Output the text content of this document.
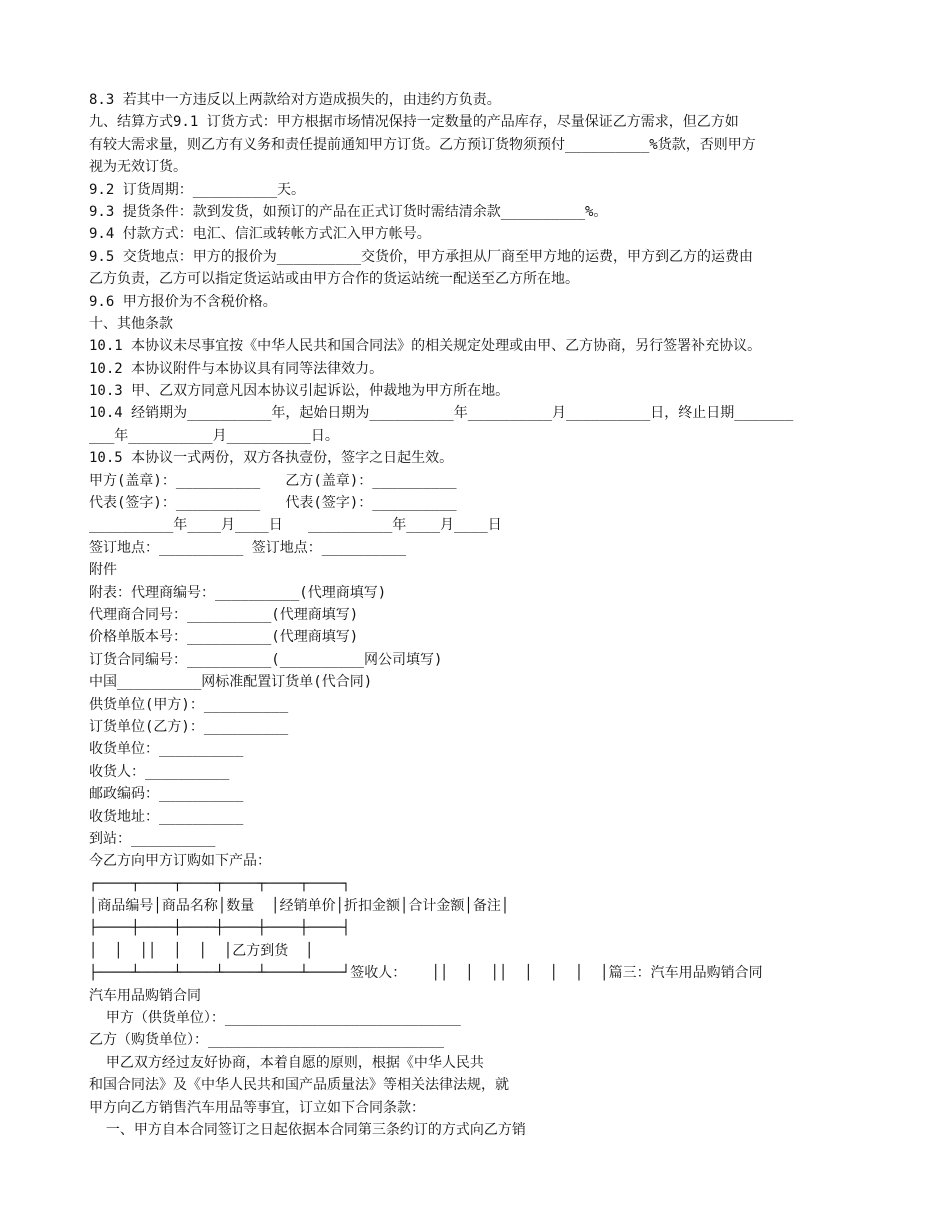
8.3 若其中一方违反以上两款给对方造成损失的，由违约方负责。
九、结算方式9.1 订货方式：甲方根据市场情况保持一定数量的产品库存，尽量保证乙方需求，但乙方如
有较大需求量，则乙方有义务和责任提前通知甲方订货。乙方预订货物须预付__________%货款，否则甲方
视为无效订货。
9.2 订货周期：__________天。
9.3 提货条件：款到发货，如预订的产品在正式订货时需结清余款__________%。
9.4 付款方式：电汇、信汇或转帐方式汇入甲方帐号。
9.5 交货地点：甲方的报价为__________交货价，甲方承担从厂商至甲方地的运费，甲方到乙方的运费由
乙方负责，乙方可以指定货运站或由甲方合作的货运站统一配送至乙方所在地。
9.6 甲方报价为不含税价格。
十、其他条款
10.1 本协议未尽事宜按《中华人民共和国合同法》的相关规定处理或由甲、乙方协商，另行签署补充协议。
10.2 本协议附件与本协议具有同等法律效力。
10.3 甲、乙双方同意凡因本协议引起诉讼，仲裁地为甲方所在地。
10.4 经销期为__________年，起始日期为__________年__________月__________日，终止日期_______
___年__________月__________日。
10.5 本协议一式两份，双方各执壹份，签字之日起生效。
甲方(盖章)：__________   乙方(盖章)：__________
代表(签字)：__________   代表(签字)：__________
__________年____月____日   __________年____月____日
签订地点：__________ 签订地点：__________
附件
附表：代理商编号：__________(代理商填写)
代理商合同号：__________(代理商填写)
价格单版本号：__________(代理商填写)
订货合同编号：__________(__________网公司填写)
中国__________网标准配置订货单(代合同)
供货单位(甲方)：__________
订货单位(乙方)：__________
收货单位：__________
收货人：__________
邮政编码：__________
收货地址：__________
到站：__________
今乙方向甲方订购如下产品：
┌────┬────┬────┬────┬────┬────┐
│商品编号│商品名称│数量  │经销单价│折扣金额│合计金额│备注│
├────┼────┼────┼────┼────┼────┤
│  │  ││  │  │  │乙方到货  │
├────┴────┴────┴────┴────┴────┘签收人：   ││  │  ││  │  │  │  │篇三：汽车用品购销合同
汽车用品购销合同
甲方（供货单位）：____________________________
乙方（购货单位）：____________________________
甲乙双方经过友好协商，本着自愿的原则，根据《中华人民共
和国合同法》及《中华人民共和国产品质量法》等相关法律法规，就
甲方向乙方销售汽车用品等事宜，订立如下合同条款：
一、甲方自本合同签订之日起依据本合同第三条约订的方式向乙方销
